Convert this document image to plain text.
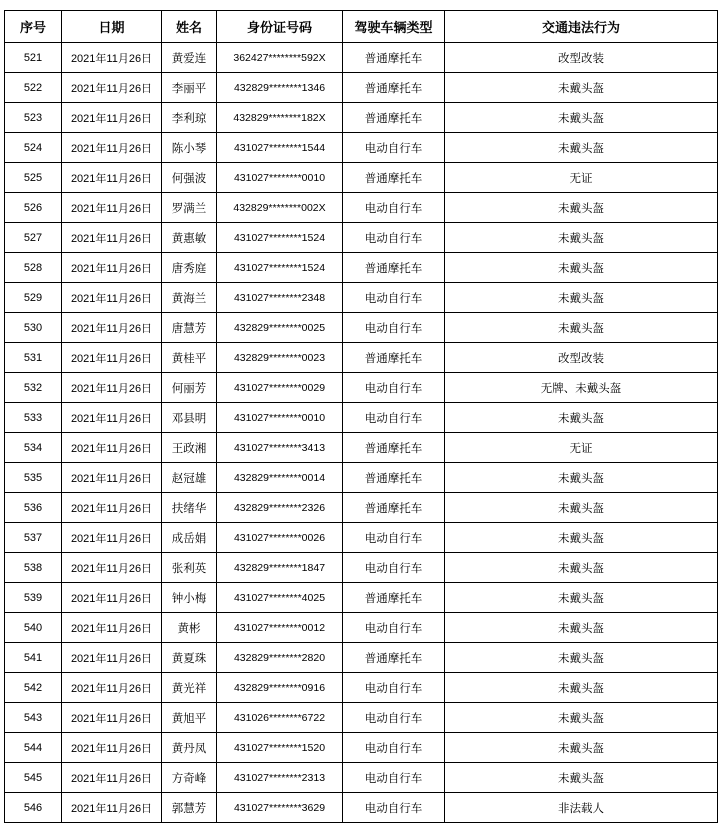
序号	日期	姓名	身份证号码	驾驶车辆类型	交通违法行为
521	2021年11月26日	黄爱连	362427********592X	普通摩托车	改型改装
522	2021年11月26日	李丽平	432829********1346	普通摩托车	未戴头盔
523	2021年11月26日	李利琼	432829********182X	普通摩托车	未戴头盔
524	2021年11月26日	陈小琴	431027********1544	电动自行车	未戴头盔
525	2021年11月26日	何强波	431027********0010	普通摩托车	无证
526	2021年11月26日	罗满兰	432829********002X	电动自行车	未戴头盔
527	2021年11月26日	黄惠敏	431027********1524	电动自行车	未戴头盔
528	2021年11月26日	唐秀庭	431027********1524	普通摩托车	未戴头盔
529	2021年11月26日	黄海兰	431027********2348	电动自行车	未戴头盔
530	2021年11月26日	唐慧芳	432829********0025	电动自行车	未戴头盔
531	2021年11月26日	黄桂平	432829********0023	普通摩托车	改型改装
532	2021年11月26日	何丽芳	431027********0029	电动自行车	无牌、未戴头盔
533	2021年11月26日	邓县明	431027********0010	电动自行车	未戴头盔
534	2021年11月26日	王政湘	431027********3413	普通摩托车	无证
535	2021年11月26日	赵冠雄	432829********0014	普通摩托车	未戴头盔
536	2021年11月26日	扶绪华	432829********2326	普通摩托车	未戴头盔
537	2021年11月26日	成岳娟	431027********0026	电动自行车	未戴头盔
538	2021年11月26日	张利英	432829********1847	电动自行车	未戴头盔
539	2021年11月26日	钟小梅	431027********4025	普通摩托车	未戴头盔
540	2021年11月26日	黄彬	431027********0012	电动自行车	未戴头盔
541	2021年11月26日	黄夏珠	432829********2820	普通摩托车	未戴头盔
542	2021年11月26日	黄光祥	432829********0916	电动自行车	未戴头盔
543	2021年11月26日	黄旭平	431026********6722	电动自行车	未戴头盔
544	2021年11月26日	黄丹凤	431027********1520	电动自行车	未戴头盔
545	2021年11月26日	方奇峰	431027********2313	电动自行车	未戴头盔
546	2021年11月26日	郭慧芳	431027********3629	电动自行车	非法载人
